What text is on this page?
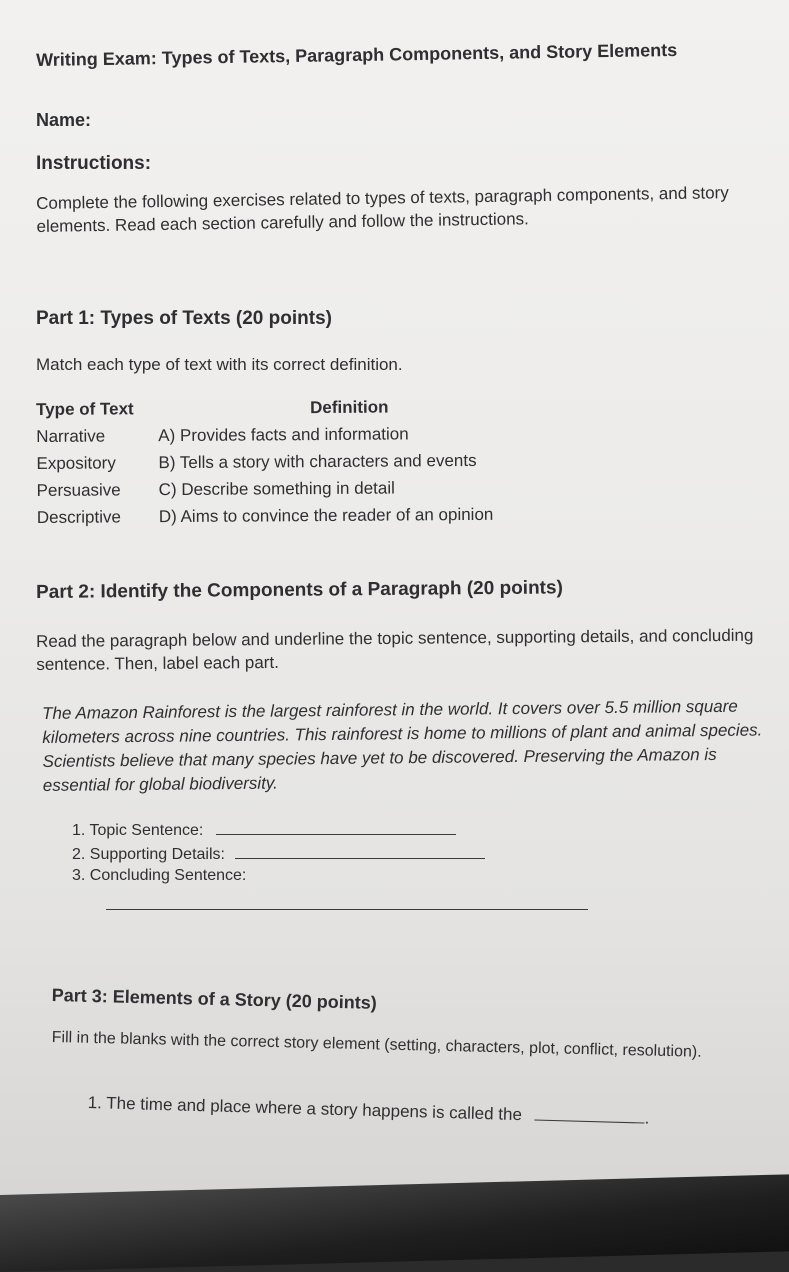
Writing Exam: Types of Texts, Paragraph Components, and Story Elements
Name:
Instructions:
Complete the following exercises related to types of texts, paragraph components, and story elements. Read each section carefully and follow the instructions.
Part 1: Types of Texts (20 points)
Match each type of text with its correct definition.
Type of Text	Definition
Narrative	A) Provides facts and information
Expository B) Tells a story with characters and events
Persuasive C) Describe something in detail
Descriptive D) Aims to convince the reader of an opinion
Part 2: Identify the Components of a Paragraph (20 points)
Read the paragraph below and underline the topic sentence, supporting details, and concluding sentence. Then, label each part.
The Amazon Rainforest is the largest rainforest in the world. It covers over 5.5 million square kilometers across nine countries. This rainforest is home to millions of plant and animal species. Scientists believe that many species have yet to be discovered. Preserving the Amazon is essential for global biodiversity.
1. Topic Sentence:
2. Supporting Details:
3. Concluding Sentence:
Part 3: Elements of a Story (20 points)
Fill in the blanks with the correct story element (setting, characters, plot, conflict, resolution).
1. The time and place where a story happens is called the	.
